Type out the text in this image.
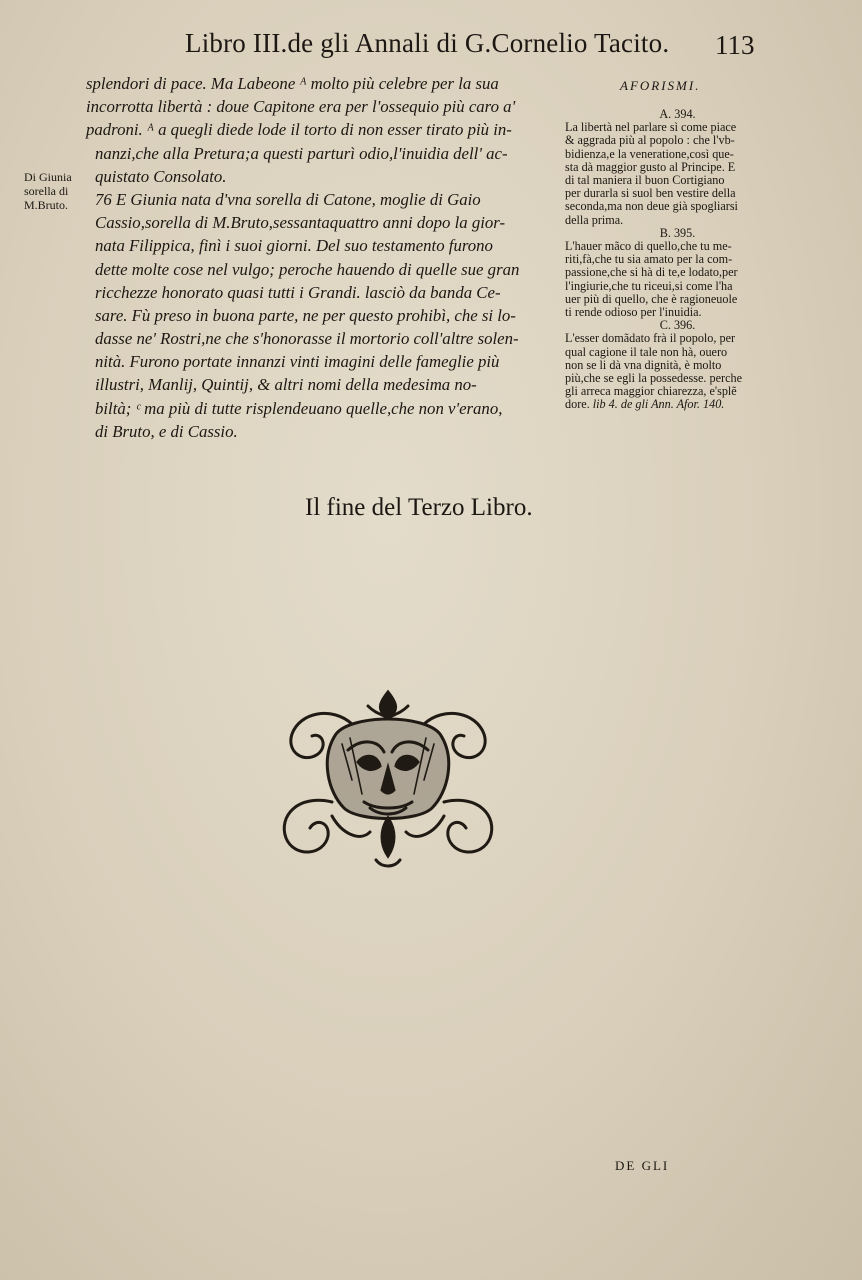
Libro III.de gli Annali di G.Cornelio Tacito.	113
splendori di pace. Ma Labeone ᴬ molto più celebre per la sua
incorrotta libertà : doue Capitone era per l'ossequio più caro a'
padroni. ᴬ a quegli diede lode il torto di non esser tirato più in-
nanzi,che alla Pretura;a questi parturì odio,l'inuidia dell' ac-
quistato Consolato.
76 E Giunia nata d'vna sorella di Catone, moglie di Gaio
Cassio,sorella di M.Bruto,sessantaquattro anni dopo la gior-
nata Filippica, finì i suoi giorni. Del suo testamento furono
dette molte cose nel vulgo; peroche hauendo di quelle sue gran
ricchezze honorato quasi tutti i Grandi. lasciò da banda Ce-
sare. Fù preso in buona parte, ne per questo prohibì, che si lo-
dasse ne' Rostri,ne che s'honorasse il mortorio coll'altre solen-
nità. Furono portate innanzi vinti imagini delle fameglie più
illustri, Manlij, Quintij, & altri nomi della medesima no-
biltà; ᶜ ma più di tutte risplendeuano quelle,che non v'erano,
di Bruto, e di Cassio.
Di Giunia
sorella di
M.Bruto.
AFORISMI.
A. 394.
La libertà nel parlare sì come piace
& aggrada più al popolo : che l'vb-
bidienza,e la veneratione,così que-
sta dà maggior gusto al Principe. E
di tal maniera il buon Cortigiano
per durarla si suol ben vestire della
seconda,ma non deue già spogliarsi
della prima.
B. 395.
L'hauer mãco di quello,che tu me-
riti,fà,che tu sia amato per la com-
passione,che si hà di te,e lodato,per
l'ingiurie,che tu riceui,si come l'ha
uer più di quello, che è ragioneuole
ti rende odioso per l'inuidia.
C. 396.
L'esser domãdato frà il popolo, per
qual cagione il tale non hà, ouero
non se li dà vna dignità, è molto
più,che se egli la possedesse. perche
gli arreca maggior chiarezza, e'splẽ
dore. lib 4. de gli Ann. Afor. 140.
Il fine del Terzo Libro.
DE GLI
